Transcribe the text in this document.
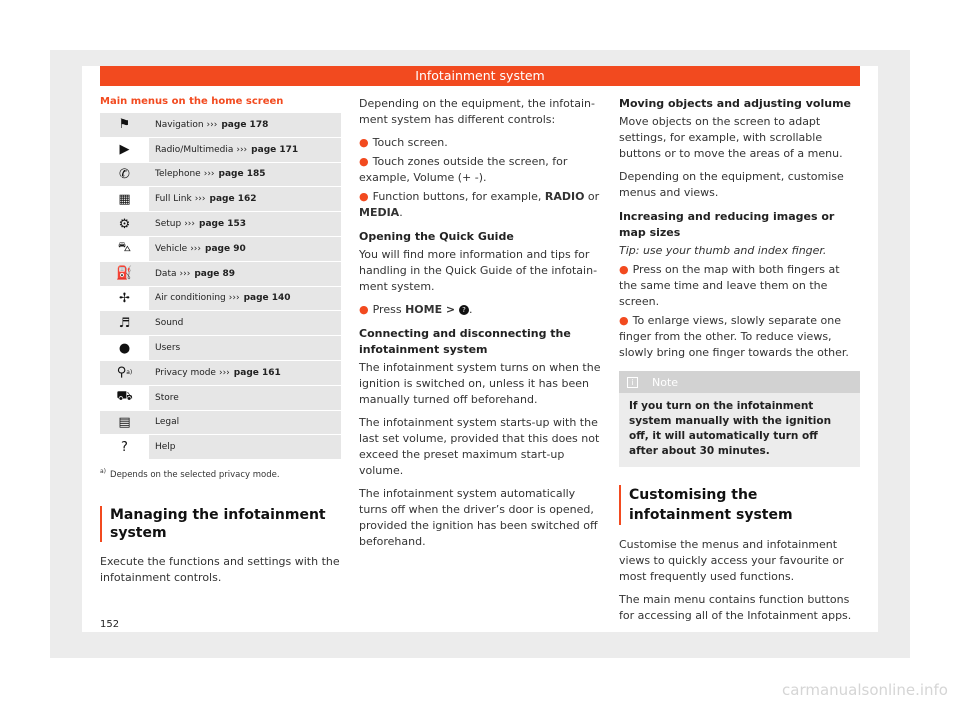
Infotainment system
Main menus on the home screen
⚑	Navigation ››› page 178
▶	Radio/Multimedia ››› page 171
✆	Telephone ››› page 185
▦	Full Link ››› page 162
⚙	Setup ››› page 153
⛍	Vehicle ››› page 90
⛽	Data ››› page 89
✢	Air conditioning ››› page 140
♬	Sound
●	Users
⚲ a)	Privacy mode ››› page 161
⛟	Store
▤	Legal
?	Help
$^{a)}$ Depends on the selected privacy mode.
Managing the infotainment system

Execute the functions and settings with the infotainment controls.

Depending on the equipment, the infotainment system has different controls:

● Touch screen.
● Touch zones outside the screen, for example, Volume (+ -).
● Function buttons, for example, RADIO or MEDIA.
Opening the Quick Guide

You will find more information and tips for handling in the Quick Guide of the infotainment system.

● Press HOME > ? .
Connecting and disconnecting the infotainment system

The infotainment system turns on when the ignition is switched on, unless it has been manually turned off beforehand.

The infotainment system starts-up with the last set volume, provided that this does not exceed the preset maximum start-up volume.

The infotainment system automatically turns off when the driver’s door is opened, provided the ignition has been switched off beforehand.

Moving objects and adjusting volume

Move objects on the screen to adapt settings, for example, with scrollable buttons or to move the areas of a menu.

Depending on the equipment, customise menus and views.

Increasing and reducing images or map sizes

Tip: use your thumb and index finger.

● Press on the map with both fingers at the same time and leave them on the screen.
● To enlarge views, slowly separate one finger from the other. To reduce views, slowly bring one finger towards the other.
i	Note
If you turn on the infotainment system manually with the ignition off, it will automatically turn off after about 30 minutes.
Customising the infotainment system

Customise the menus and infotainment views to quickly access your favourite or most frequently used functions.

The main menu contains function buttons for accessing all of the Infotainment apps.

152
carmanualsonline.info
